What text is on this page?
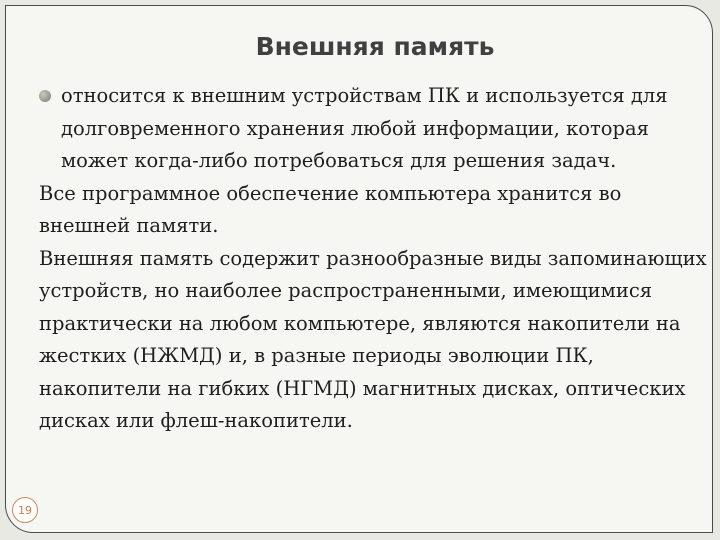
Внешняя память
относится к внешним устройствам ПК и используется для долговременного хранения любой информации, которая может когда-либо потребоваться для решения задач.

Все программное обеспечение компьютера хранится во внешней памяти.

Внешняя память содержит разнообразные виды запоминающих устройств, но наиболее распространенными, имеющимися практически на любом компьютере, являются накопители на жестких (НЖМД) и, в разные периоды эволюции ПК, накопители на гибких (НГМД) магнитных дисках, оптических дисках или флеш-накопители.

19
